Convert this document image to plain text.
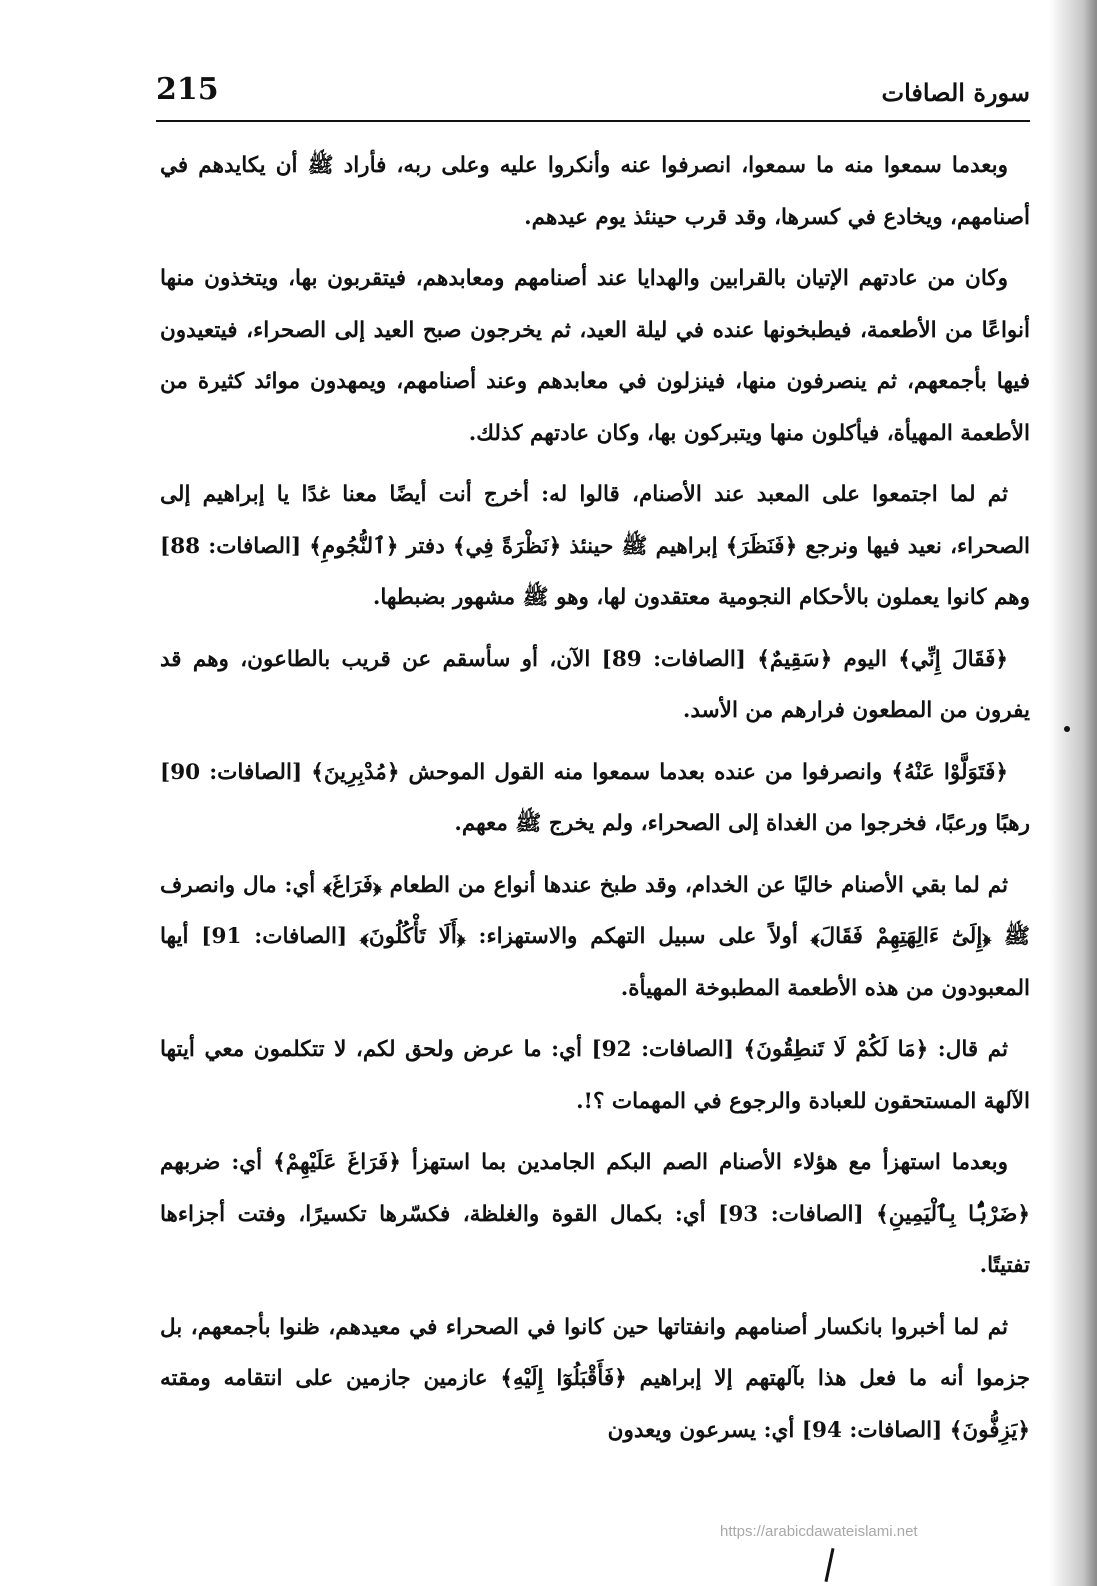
215	سورة الصافات

وبعدما سمعوا منه ما سمعوا، انصرفوا عنه وأنكروا عليه وعلى ربه، فأراد ﷺ أن يكايدهم في أصنامهم، ويخادع في كسرها، وقد قرب حينئذ يوم عيدهم.

وكان من عادتهم الإتيان بالقرابين والهدايا عند أصنامهم ومعابدهم، فيتقربون بها، ويتخذون منها أنواعًا من الأطعمة، فيطبخونها عنده في ليلة العيد، ثم يخرجون صبح العيد إلى الصحراء، فيتعيدون فيها بأجمعهم، ثم ينصرفون منها، فينزلون في معابدهم وعند أصنامهم، ويمهدون موائد كثيرة من الأطعمة المهيأة، فيأكلون منها ويتبركون بها، وكان عادتهم كذلك.

ثم لما اجتمعوا على المعبد عند الأصنام، قالوا له: أخرج أنت أيضًا معنا غدًا يا إبراهيم إلى الصحراء، نعيد فيها ونرجع ﴿فَنَظَرَ﴾ إبراهيم ﷺ حينئذ ﴿نَظْرَةً فِي﴾ دفتر ﴿ٱلنُّجُومِ﴾ [الصافات: 88] وهم كانوا يعملون بالأحكام النجومية معتقدون لها، وهو ﷺ مشهور بضبطها.

﴿فَقَالَ إِنِّي﴾ اليوم ﴿سَقِيمٌ﴾ [الصافات: 89] الآن، أو سأسقم عن قريب بالطاعون، وهم قد يفرون من المطعون فرارهم من الأسد.

﴿فَتَوَلَّوْا عَنْهُ﴾ وانصرفوا من عنده بعدما سمعوا منه القول الموحش ﴿مُدْبِرِينَ﴾ [الصافات: 90] رهبًا ورعبًا، فخرجوا من الغداة إلى الصحراء، ولم يخرج ﷺ معهم.

ثم لما بقي الأصنام خاليًا عن الخدام، وقد طبخ عندها أنواع من الطعام ﴿فَرَاغَ﴾ أي: مال وانصرف ﷺ ﴿إِلَىٰٓ ءَالِهَتِهِمْ فَقَالَ﴾ أولاً على سبيل التهكم والاستهزاء: ﴿أَلَا تَأْكُلُونَ﴾ [الصافات: 91] أيها المعبودون من هذه الأطعمة المطبوخة المهيأة.

ثم قال: ﴿مَا لَكُمْ لَا تَنطِقُونَ﴾ [الصافات: 92] أي: ما عرض ولحق لكم، لا تتكلمون معي أيتها الآلهة المستحقون للعبادة والرجوع في المهمات ؟!.

وبعدما استهزأ مع هؤلاء الأصنام الصم البكم الجامدين بما استهزأ ﴿فَرَاغَ عَلَيْهِمْ﴾ أي: ضربهم ﴿ضَرْبًۢا بِٱلْيَمِينِ﴾ [الصافات: 93] أي: بكمال القوة والغلظة، فكسّرها تكسيرًا، وفتت أجزاءها تفتيتًا.

ثم لما أخبروا بانكسار أصنامهم وانفتاتها حين كانوا في الصحراء في معيدهم، ظنوا بأجمعهم، بل جزموا أنه ما فعل هذا بآلهتهم إلا إبراهيم ﴿فَأَقْبَلُوٓا إِلَيْهِ﴾ عازمين جازمين على انتقامه ومقته ﴿يَزِفُّونَ﴾ [الصافات: 94] أي: يسرعون ويعدون

https://arabicdawateislami.net
